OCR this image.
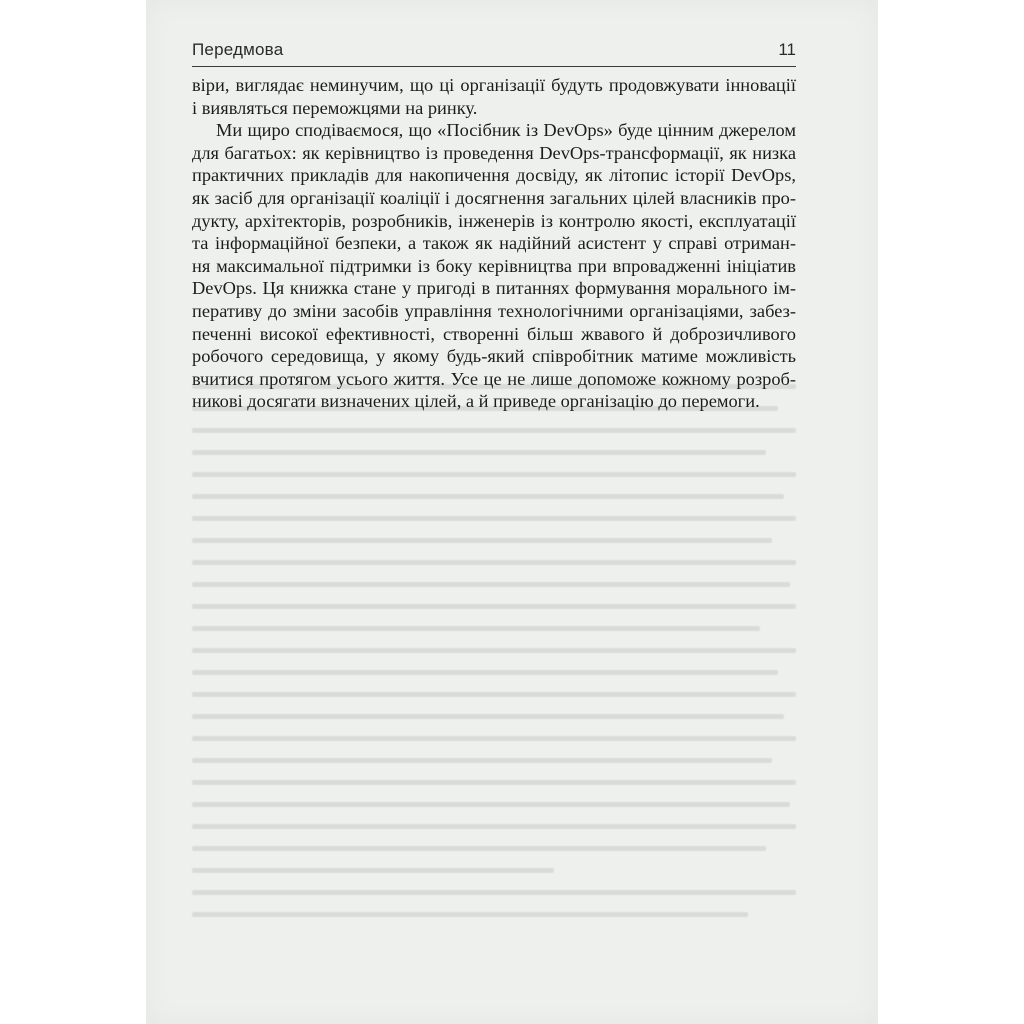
Передмова	11
віри, виглядає неминучим, що ці організації будуть продовжувати інновації
і виявляться переможцями на ринку.
Ми щиро сподіваємося, що «Посібник із DevOps» буде цінним джерелом
для багатьох: як керівництво із проведення DevOps-трансформації, як низка
практичних прикладів для накопичення досвіду, як літопис історії DevOps,
як засіб для організації коаліції і досягнення загальних цілей власників про-
дукту, архітекторів, розробників, інженерів із контролю якості, експлуатації
та інформаційної безпеки, а також як надійний асистент у справі отриман-
ня максимальної підтримки із боку керівництва при впровадженні ініціатив
DevOps. Ця книжка стане у пригоді в питаннях формування морального ім-
перативу до зміни засобів управління технологічними організаціями, забез-
печенні високої ефективності, створенні більш жвавого й доброзичливого
робочого середовища, у якому будь-який співробітник матиме можливість
вчитися протягом усього життя. Усе це не лише допоможе кожному розроб-
никові досягати визначених цілей, а й приведе організацію до перемоги.
